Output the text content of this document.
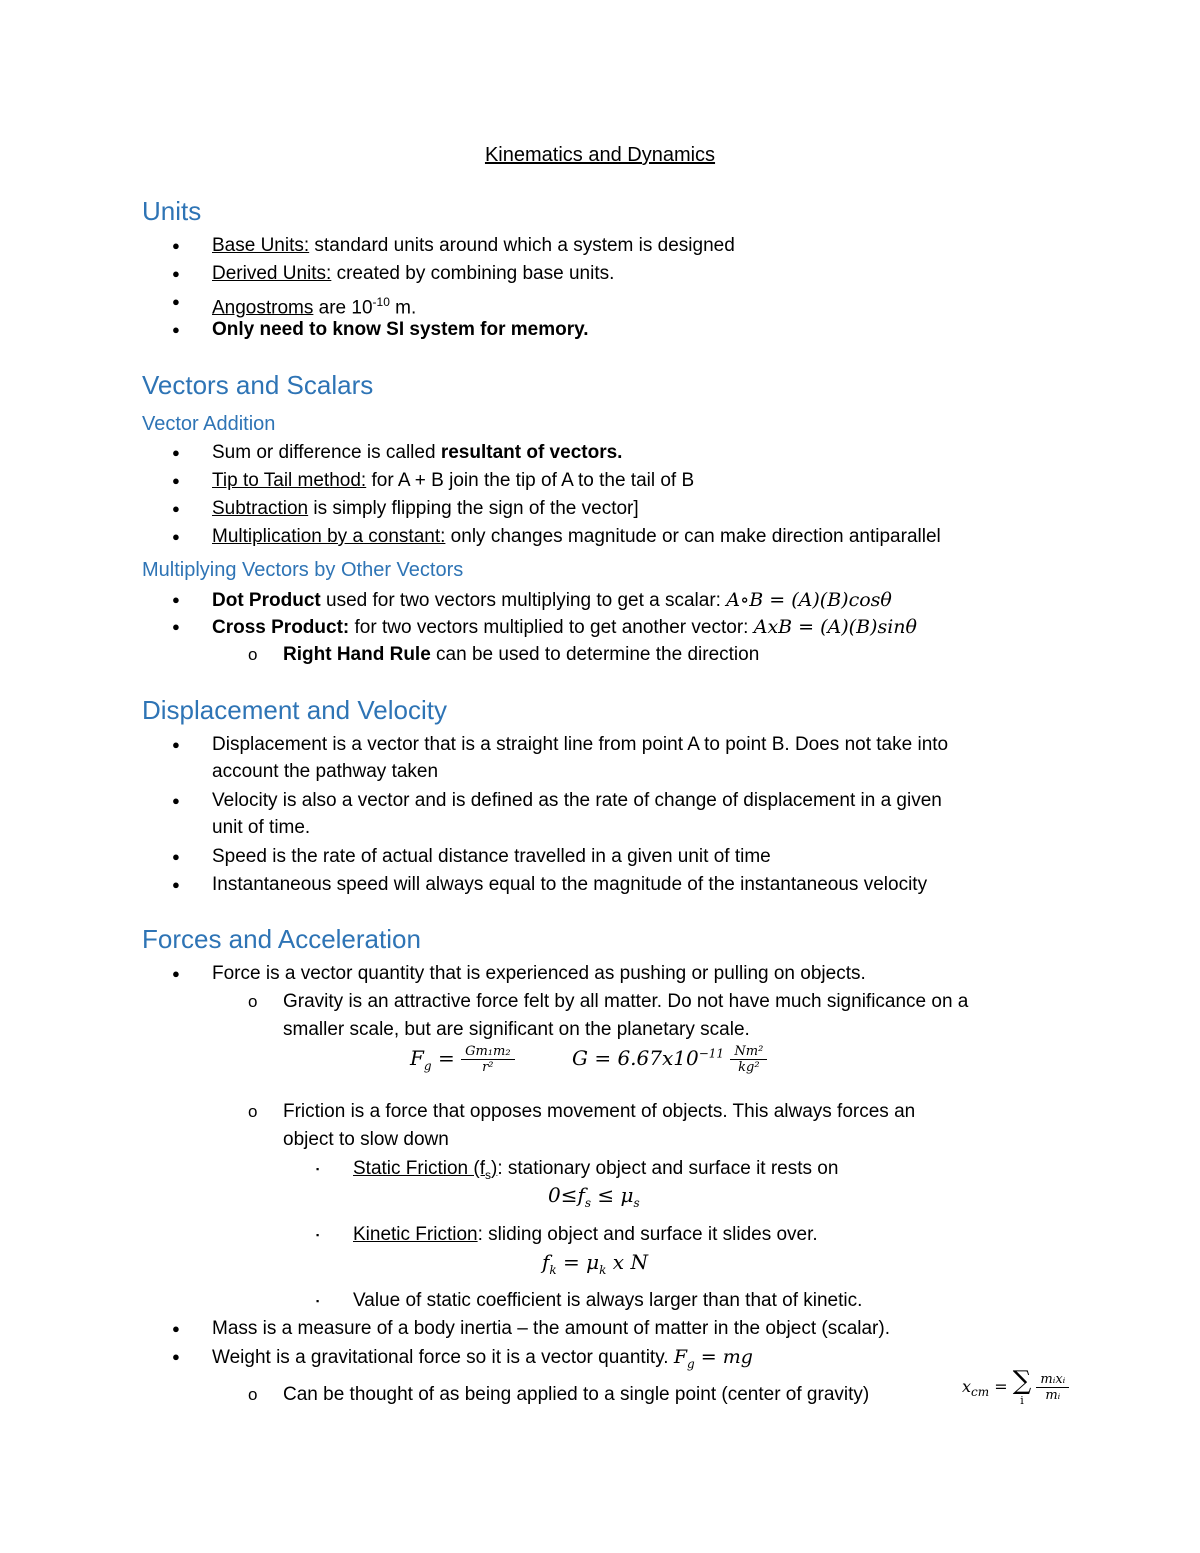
Kinematics and Dynamics
Units
● Base Units: standard units around which a system is designed
● Derived Units: created by combining base units.
● Angostroms are $10^{-10}$ m.
● Only need to know SI system for memory.
Vectors and Scalars
Vector Addition
● Sum or difference is called resultant of vectors.
● Tip to Tail method: for A + B join the tip of A to the tail of B
● Subtraction is simply flipping the sign of the vector]
● Multiplication by a constant: only changes magnitude or can make direction antiparallel
Multiplying Vectors by Other Vectors
● Dot Product used for two vectors multiplying to get a scalar: A∘B = (A)(B)cosθ
● Cross Product: for two vectors multiplied to get another vector: AxB = (A)(B)sinθ
o Right Hand Rule can be used to determine the direction
Displacement and Velocity
● Displacement is a vector that is a straight line from point A to point B. Does not take into
account the pathway taken
● Velocity is also a vector and is defined as the rate of change of displacement in a given
unit of time.
● Speed is the rate of actual distance travelled in a given unit of time
● Instantaneous speed will always equal to the magnitude of the instantaneous velocity
Forces and Acceleration
● Force is a vector quantity that is experienced as pushing or pulling on objects.
o Gravity is an attractive force felt by all matter. Do not have much significance on a
smaller scale, but are significant on the planetary scale.
$F_g = \frac{\text{Gm₁m₂}}{\text{r²}}$	$G = 6.67x10^{-11} \frac{\text{Nm²}}{\text{kg²}}$
o Friction is a force that opposes movement of objects. This always forces an
object to slow down
▪ Static Friction $(f_s)$: stationary object and surface it rests on
$0\le f_s \le \mu_s$
▪ Kinetic Friction: sliding object and surface it slides over.
$f_k = \mu_k$ x N
▪ Value of static coefficient is always larger than that of kinetic.
● Mass is a measure of a body inertia – the amount of matter in the object (scalar).
● Weight is a gravitational force so it is a vector quantity. $F_g$ = mg
o Can be thought of as being applied to a single point (center of gravity)	$x_{cm}$ = ∑
i
$\frac{\text{mᵢxᵢ}}{\text{mᵢ}}$
